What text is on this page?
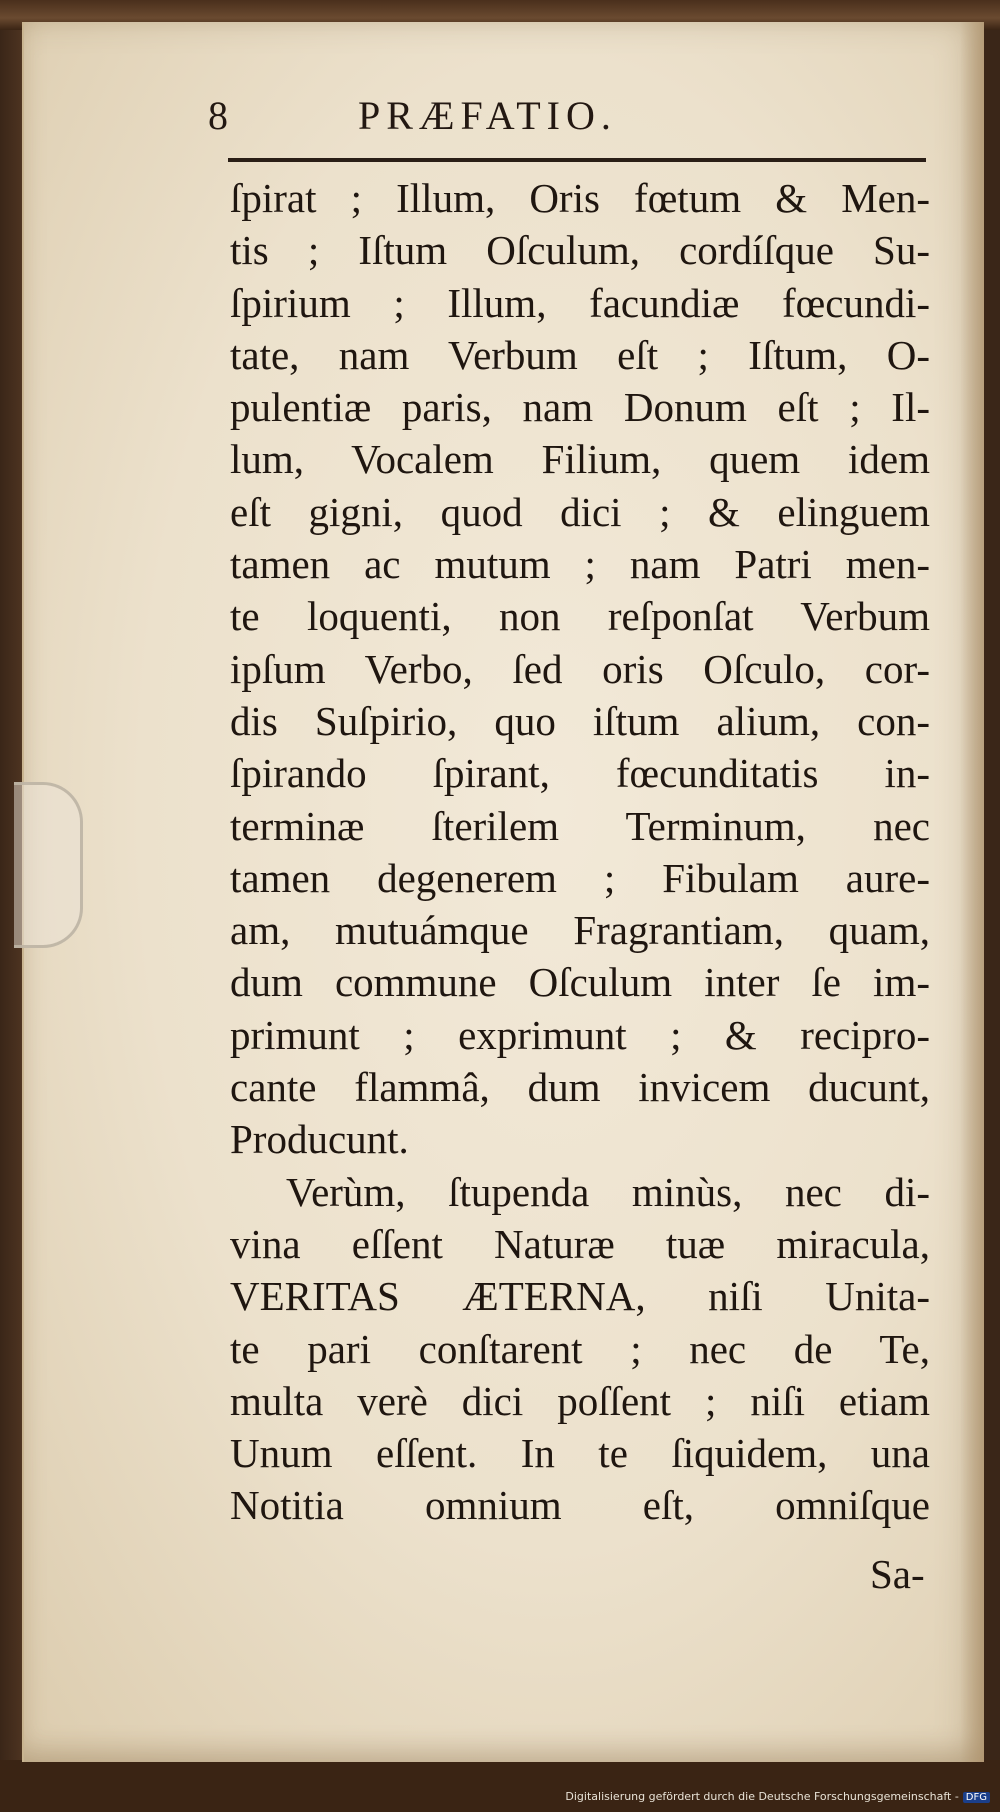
8	PRÆFATIO.
ſpirat ; Illum, Oris fœtum & Men-
tis ; Iſtum Oſculum, cordíſque Su-
ſpirium ; Illum, facundiæ fœcundi-
tate, nam Verbum eſt ; Iſtum, O-
pulentiæ paris, nam Donum eſt ; Il-
lum, Vocalem Filium, quem idem
eſt gigni, quod dici ; & elinguem
tamen ac mutum ; nam Patri men-
te loquenti, non reſponſat Verbum
ipſum Verbo, ſed oris Oſculo, cor-
dis Suſpirio, quo iſtum alium, con-
ſpirando ſpirant, fœcunditatis in-
terminæ ſterilem Terminum, nec
tamen degenerem ; Fibulam aure-
am, mutuámque Fragrantiam, quam,
dum commune Oſculum inter ſe im-
primunt ; exprimunt ; & recipro-
cante flammâ, dum invicem ducunt,
Producunt.
Verùm, ſtupenda minùs, nec di-
vina eſſent Naturæ tuæ miracula,
VERITAS ÆTERNA, niſi Unita-
te pari conſtarent ; nec de Te,
multa verè dici poſſent ; niſi etiam
Unum eſſent. In te ſiquidem, una
Notitia omnium eſt, omniſque
Sa-
Digitalisierung gefördert durch die Deutsche Forschungsgemeinschaft - DFG
